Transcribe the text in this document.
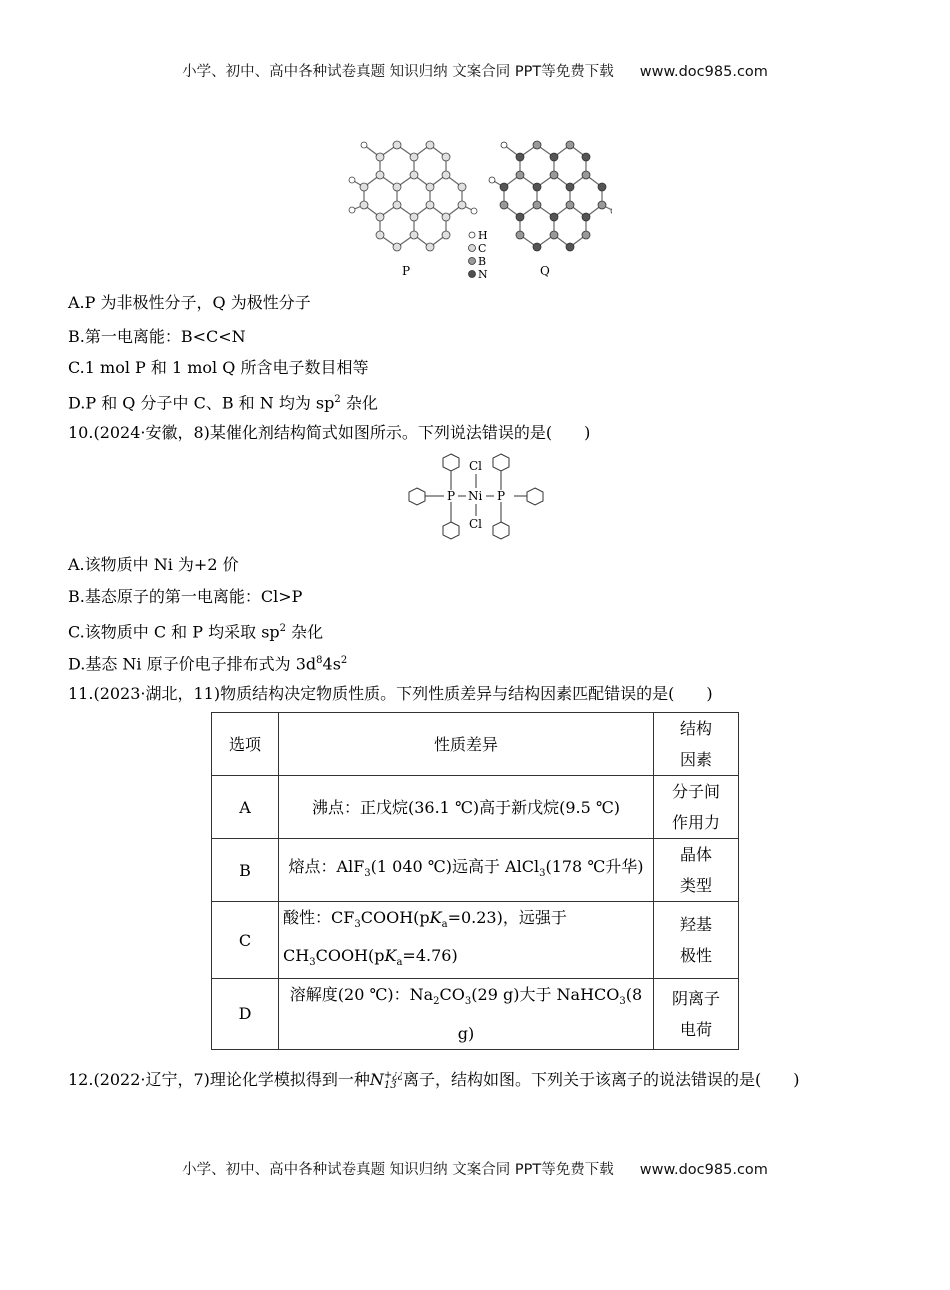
小学、初中、高中各种试卷真题 知识归纳 文案合同 PPT等免费下载 www.doc985.com
P	Q
H
C
B
N
A.P 为非极性分子，Q 为极性分子
B.第一电离能：B<C<N
C.1 mol P 和 1 mol Q 所含电子数目相等
D.P 和 Q 分子中 C、B 和 N 均为 $sp^2$ 杂化
10.(2024·安徽，8)某催化剂结构简式如图所示。下列说法错误的是(　　)
P Ni P
Cl
Cl
A.该物质中 Ni 为+2 价
B.基态原子的第一电离能：Cl>P
C.该物质中 C 和 P 均采取 $sp^2$ 杂化
D.基态 Ni 原子价电子排布式为 $3d^84s^2$
11.(2023·湖北，11)物质结构决定物质性质。下列性质差异与结构因素匹配错误的是(　　)
选项	性质差异	结构
因素
A	沸点：正戊烷(36.1 ℃)高于新戊烷(9.5 ℃)	分子间
作用力
B	熔点：AlF$_3$(1 040 ℃)远高于 AlCl$_3$(178 ℃升华)	晶体
类型
C	酸性：$CF_3COOH(pK_a=0.23)$，远强于
$CH_3COOH(pK_a=4.76)$	羟基
极性
D	溶解度(20 ℃)：$Na_2CO_3(29$ g)大于 NaHCO$_3$(8 g)	阴离子
电荷
12.(2022·辽宁，7)理论化学模拟得到一种N+¿¿
13 离子，结构如图。下列关于该离子的说法错误的是(　　)
小学、初中、高中各种试卷真题 知识归纳 文案合同 PPT等免费下载 www.doc985.com
